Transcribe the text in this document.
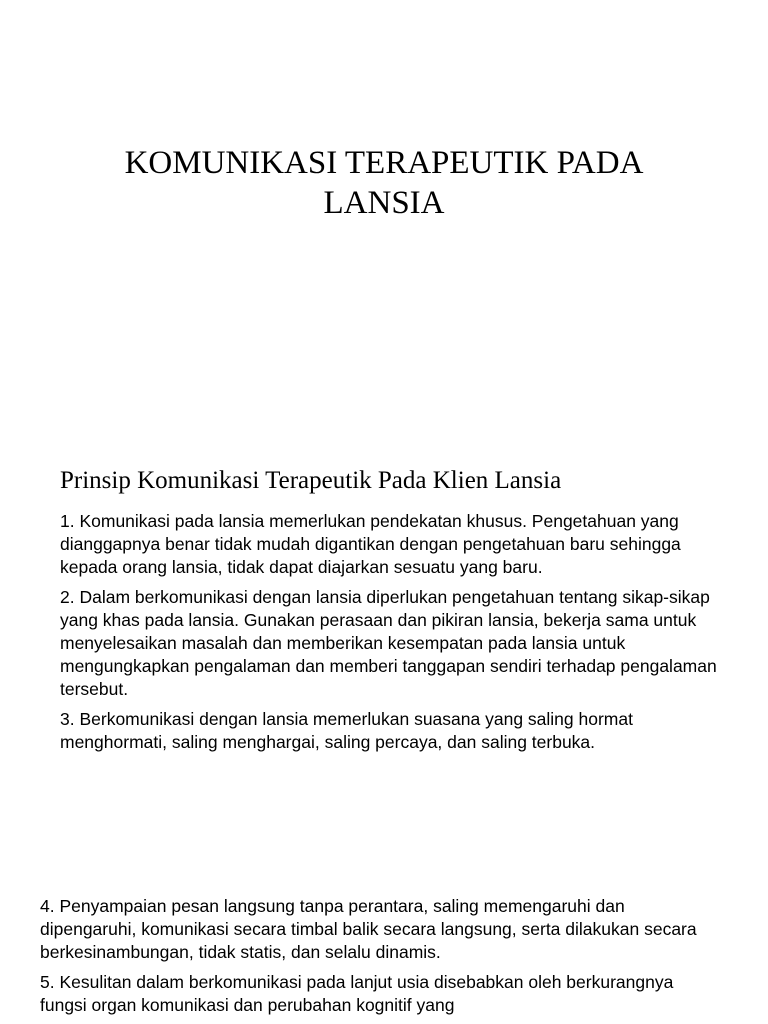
KOMUNIKASI TERAPEUTIK PADA
LANSIA
Prinsip Komunikasi Terapeutik Pada Klien Lansia

1. Komunikasi pada lansia memerlukan pendekatan khusus. Pengetahuan yang dianggapnya benar tidak mudah digantikan dengan pengetahuan baru sehingga kepada orang lansia, tidak dapat diajarkan sesuatu yang baru.

2. Dalam berkomunikasi dengan lansia diperlukan pengetahuan tentang sikap-sikap yang khas pada lansia. Gunakan perasaan dan pikiran lansia, bekerja sama untuk menyelesaikan masalah dan memberikan kesempatan pada lansia untuk mengungkapkan pengalaman dan memberi tanggapan sendiri terhadap pengalaman tersebut.

3. Berkomunikasi dengan lansia memerlukan suasana yang saling hormat menghormati, saling menghargai, saling percaya, dan saling terbuka.

4. Penyampaian pesan langsung tanpa perantara, saling memengaruhi dan dipengaruhi, komunikasi secara timbal balik secara langsung, serta dilakukan secara berkesinambungan, tidak statis, dan selalu dinamis.

5. Kesulitan dalam berkomunikasi pada lanjut usia disebabkan oleh berkurangnya fungsi organ komunikasi dan perubahan kognitif yang
